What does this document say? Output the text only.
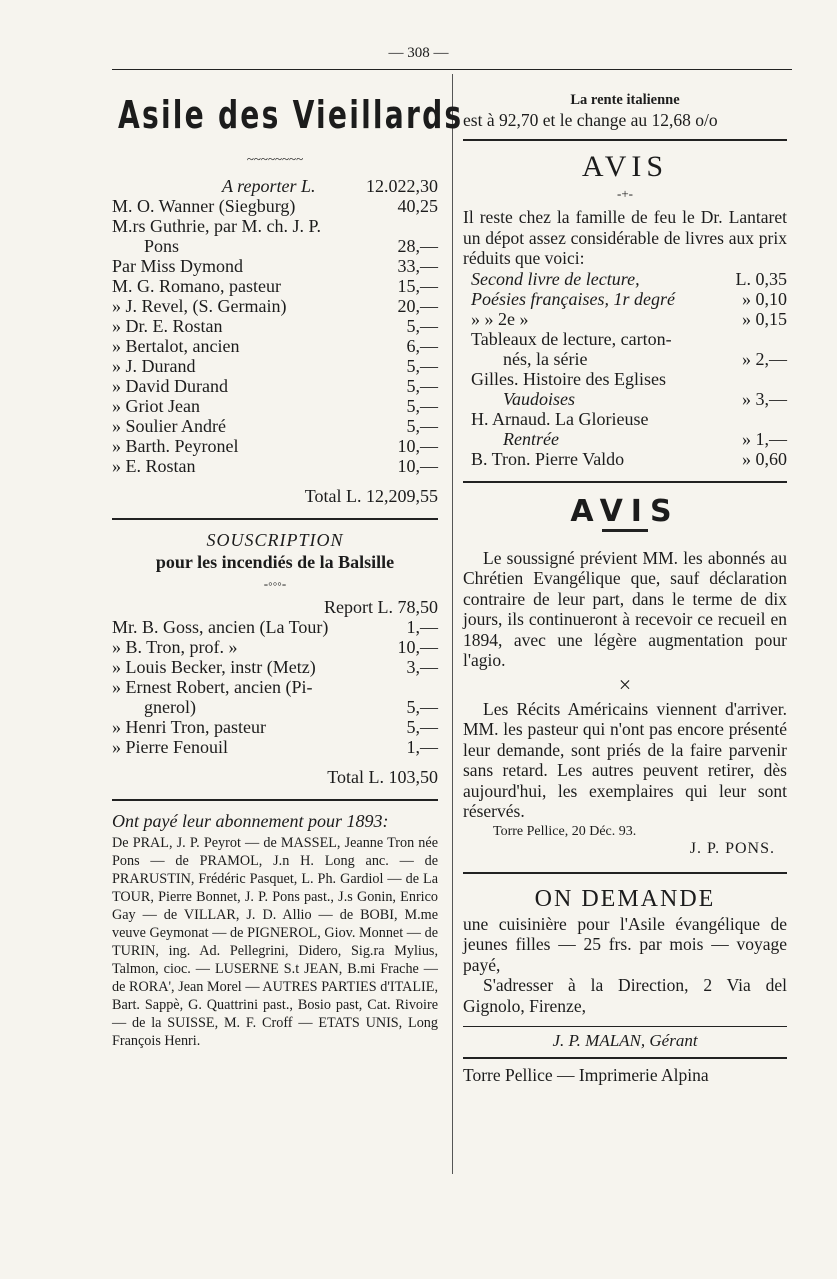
— 308 —
Asile des Vieillards
~~~~~~~~
A reporter L.	12.022,30
M. O. Wanner (Siegburg)	40,25
M.rs Guthrie, par M. ch. J. P.
Pons	28,—
Par Miss Dymond	33,—
M. G. Romano, pasteur	15,—
» J. Revel, (S. Germain)	20,—
» Dr. E. Rostan	5,—
» Bertalot, ancien	6,—
» J. Durand	5,—
» David Durand	5,—
» Griot Jean	5,—
» Soulier André	5,—
» Barth. Peyronel	10,—
» E. Rostan	10,—
Total L. 12,209,55
SOUSCRIPTION
pour les incendiés de la Balsille
-◦◦◦-
Report L. 78,50
Mr. B. Goss, ancien (La Tour)	1,—
» B. Tron, prof. »	10,—
» Louis Becker, instr (Metz)	3,—
» Ernest Robert, ancien (Pi-
gnerol)	5,—
» Henri Tron, pasteur	5,—
» Pierre Fenouil	1,—
Total L. 103,50
Ont payé leur abonnement pour 1893:

De PRAL, J. P. Peyrot — de MASSEL, Jeanne Tron née Pons — de PRAMOL, J.n H. Long anc. — de PRARUSTIN, Frédéric Pasquet, L. Ph. Gardiol — de La TOUR, Pierre Bonnet, J. P. Pons past., J.s Gonin, Enrico Gay — de VILLAR, J. D. Allio — de BOBI, M.me veuve Geymonat — de PIGNEROL, Giov. Monnet — de TURIN, ing. Ad. Pellegrini, Didero, Sig.ra Mylius, Talmon, cioc. — LUSERNE S.t JEAN, B.mi Frache — de RORA', Jean Morel — AUTRES PARTIES d'ITALIE, Bart. Sappè, G. Quattrini past., Bosio past, Cat. Rivoire — de la SUISSE, M. F. Croff — ETATS UNIS, Long François Henri.

La rente italienne
est à 92,70 et le change au 12,68 o/o
AVIS
-+-

Il reste chez la famille de feu le Dr. Lantaret un dépot assez considérable de livres aux prix réduits que voici:

Second livre de lecture,	L. 0,35
Poésies françaises, 1r degré	» 0,10
» » 2e »	» 0,15
Tableaux de lecture, carton-
nés, la série	» 2,—
Gilles. Histoire des Eglises
Vaudoises	» 3,—
H. Arnaud. La Glorieuse
Rentrée	» 1,—
B. Tron. Pierre Valdo	» 0,60
AVIS

Le soussigné prévient MM. les abonnés au Chrétien Evangélique que, sauf déclaration contraire de leur part, dans le terme de dix jours, ils continueront à recevoir ce recueil en 1894, avec une légère augmentation pour l'agio.

×

Les Récits Américains viennent d'arriver. MM. les pasteur qui n'ont pas encore présenté leur demande, sont priés de la faire parvenir sans retard. Les autres peuvent retirer, dès aujourd'hui, les exemplaires qui leur sont réservés.

Torre Pellice, 20 Déc. 93.
J. P. PONS.
ON DEMANDE

une cuisinière pour l'Asile évangélique de jeunes filles — 25 frs. par mois — voyage payé,

S'adresser à la Direction, 2 Via del Gignolo, Firenze,

J. P. MALAN, Gérant
Torre Pellice — Imprimerie Alpina
